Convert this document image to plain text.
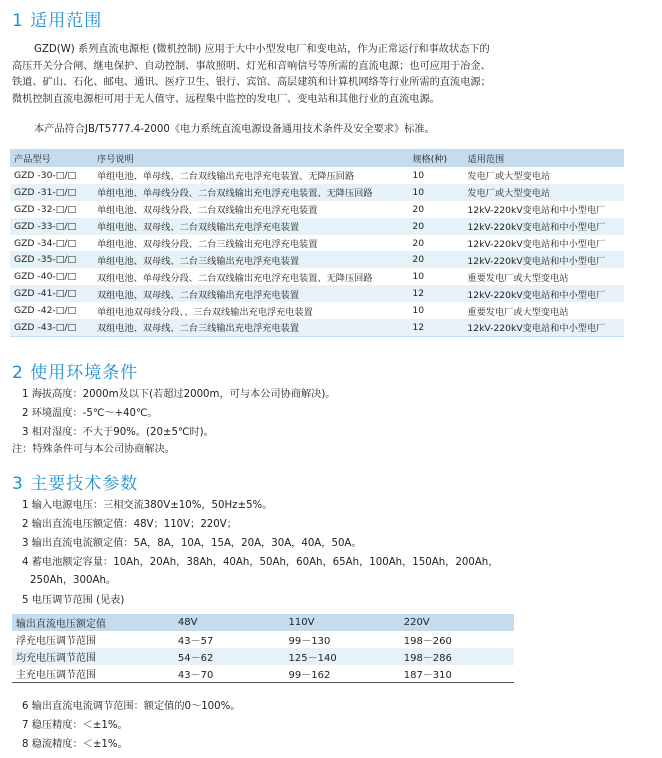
1 适用范围

GZD(W) 系列直流电源柜 (微机控制) 应用于大中小型发电厂和变电站，作为正常运行和事故状态下的高压开关分合闸、继电保护、自动控制、事故照明、灯光和音响信号等所需的直流电源；也可应用于冶金、铁道、矿山、石化、邮电、通讯、医疗卫生、银行、宾馆、高层建筑和计算机网络等行业所需的直流电源；微机控制直流电源柜可用于无人值守、远程集中监控的发电厂、变电站和其他行业的直流电源。

本产品符合JB/T5777.4-2000《电力系统直流电源设备通用技术条件及安全要求》标准。
产品型号	序号说明	规格(种)	适用范围
GZD -30-□/□	单组电池、单母线、二台双线输出充电浮充电装置、无降压回路	10	发电厂或大型变电站
GZD -31-□/□	单组电池、单母线分段、二台双线输出充电浮充电装置、无降压回路	10	发电厂或大型变电站
GZD -32-□/□	单组电池、双母线分段、二台双线输出充电浮充电装置	20	12kV-220kV变电站和中小型电厂
GZD -33-□/□	单组电池、双母线、二台双线输出充电浮充电装置	20	12kV-220kV变电站和中小型电厂
GZD -34-□/□	单组电池、双母线分段、二台三线输出充电浮充电装置	20	12kV-220kV变电站和中小型电厂
GZD -35-□/□	单组电池、双母线、二台三线输出充电浮充电装置	20	12kV-220kV变电站和中小型电厂
GZD -40-□/□	双组电池、单母线分段、二台双线输出充电浮充电装置、无降压回路	10	重要发电厂或大型变电站
GZD -41-□/□	双组电池、双母线、二台双线输出充电浮充电装置	12	12kV-220kV变电站和中小型电厂
GZD -42-□/□	单组电池双母线分段、、三台双线输出充电浮充电装置	10	重要发电厂或大型变电站
GZD -43-□/□	双组电池、双母线、二台三线输出充电浮充电装置	12	12kV-220kV变电站和中小型电厂
2 使用环境条件
1 海拔高度：2000m及以下(若超过2000m，可与本公司协商解决)。
2 环境温度：-5℃～+40℃。
3 相对湿度：不大于90%。(20±5℃时)。
注：特殊条件可与本公司协商解决。
3 主要技术参数
1 输入电源电压：三相交流380V±10%，50Hz±5%。
2 输出直流电压额定值：48V；110V；220V；
3 输出直流电流额定值：5A，8A，10A，15A，20A，30A，40A，50A。
4 蓄电池额定容量：10Ah，20Ah，38Ah，40Ah，50Ah，60Ah，65Ah，100Ah，150Ah，200Ah，
250Ah，300Ah。
5 电压调节范围 (见表)
输出直流电压额定值	48V	110V	220V
浮充电压调节范围	43－57	99－130	198－260
均充电压调节范围	54－62	125－140	198－286
主充电压调节范围	43－70	99－162	187－310
6 输出直流电流调节范围：额定值的0～100%。
7 稳压精度：＜±1%。
8 稳流精度：＜±1%。
